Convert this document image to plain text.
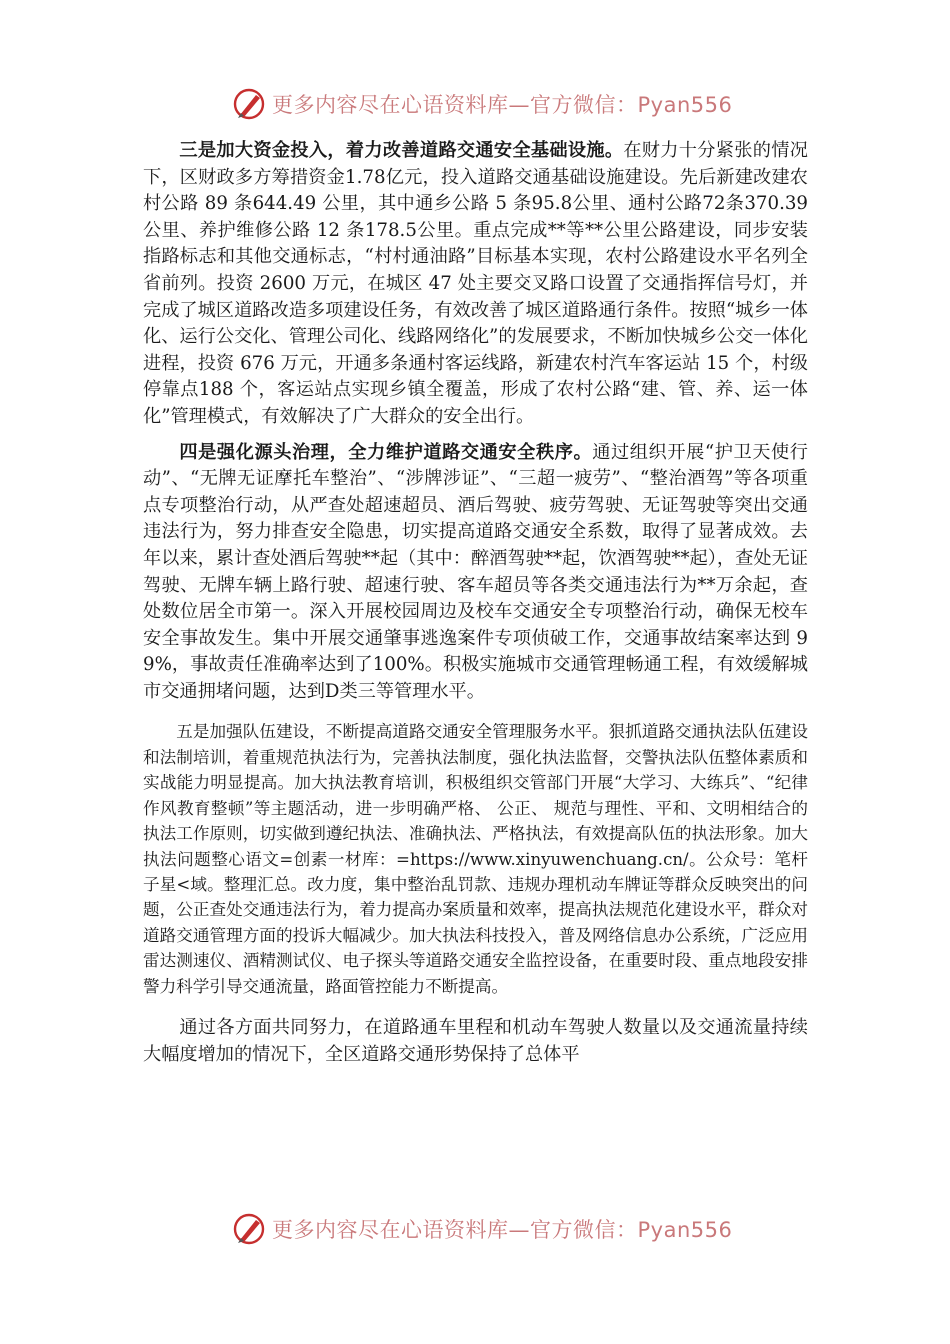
更多内容尽在心语资料库—官方微信：Pyan556

三是加大资金投入，着力改善道路交通安全基础设施。在财力十分紧张的情况下，区财政多方筹措资金1.78亿元，投入道路交通基础设施建设。先后新建改建农村公路 89 条644.49 公里，其中通乡公路 5 条95.8公里、通村公路72条370.39公里、养护维修公路 12 条178.5公里。重点完成**等**公里公路建设，同步安装指路标志和其他交通标志，“村村通油路”目标基本实现，农村公路建设水平名列全省前列。投资 2600 万元，在城区 47 处主要交叉路口设置了交通指挥信号灯，并完成了城区道路改造多项建设任务，有效改善了城区道路通行条件。按照“城乡一体化、运行公交化、管理公司化、线路网络化”的发展要求，不断加快城乡公交一体化进程，投资 676 万元，开通多条通村客运线路，新建农村汽车客运站 15 个，村级停靠点188 个，客运站点实现乡镇全覆盖，形成了农村公路“建、管、养、运一体化”管理模式，有效解决了广大群众的安全出行。

四是强化源头治理，全力维护道路交通安全秩序。通过组织开展“护卫天使行动”、“无牌无证摩托车整治”、“涉牌涉证”、“三超一疲劳”、“整治酒驾”等各项重点专项整治行动，从严查处超速超员、酒后驾驶、疲劳驾驶、无证驾驶等突出交通违法行为，努力排查安全隐患，切实提高道路交通安全系数，取得了显著成效。去年以来，累计查处酒后驾驶**起（其中：醉酒驾驶**起，饮酒驾驶**起），查处无证驾驶、无牌车辆上路行驶、超速行驶、客车超员等各类交通违法行为**万余起，查处数位居全市第一。深入开展校园周边及校车交通安全专项整治行动，确保无校车安全事故发生。集中开展交通肇事逃逸案件专项侦破工作，交通事故结案率达到 99%，事故责任准确率达到了100%。积极实施城市交通管理畅通工程，有效缓解城市交通拥堵问题，达到D类三等管理水平。

五是加强队伍建设，不断提高道路交通安全管理服务水平。狠抓道路交通执法队伍建设和法制培训，着重规范执法行为，完善执法制度，强化执法监督，交警执法队伍整体素质和实战能力明显提高。加大执法教育培训，积极组织交管部门开展“大学习、大练兵”、“纪律作风教育整顿”等主题活动，进一步明确严格、 公正、 规范与理性、平和、文明相结合的执法工作原则，切实做到遵纪执法、准确执法、严格执法，有效提高队伍的执法形象。加大执法问题整心语文=创素一材库：=https://www.xinyuwenchuang.cn/。公众号：笔杆子星<域。整理汇总。改力度，集中整治乱罚款、违规办理机动车牌证等群众反映突出的问题，公正查处交通违法行为，着力提高办案质量和效率，提高执法规范化建设水平，群众对道路交通管理方面的投诉大幅减少。加大执法科技投入，普及网络信息办公系统，广泛应用雷达测速仪、酒精测试仪、电子探头等道路交通安全监控设备，在重要时段、重点地段安排警力科学引导交通流量，路面管控能力不断提高。

通过各方面共同努力，在道路通车里程和机动车驾驶人数量以及交通流量持续大幅度增加的情况下，全区道路交通形势保持了总体平

更多内容尽在心语资料库—官方微信：Pyan556
